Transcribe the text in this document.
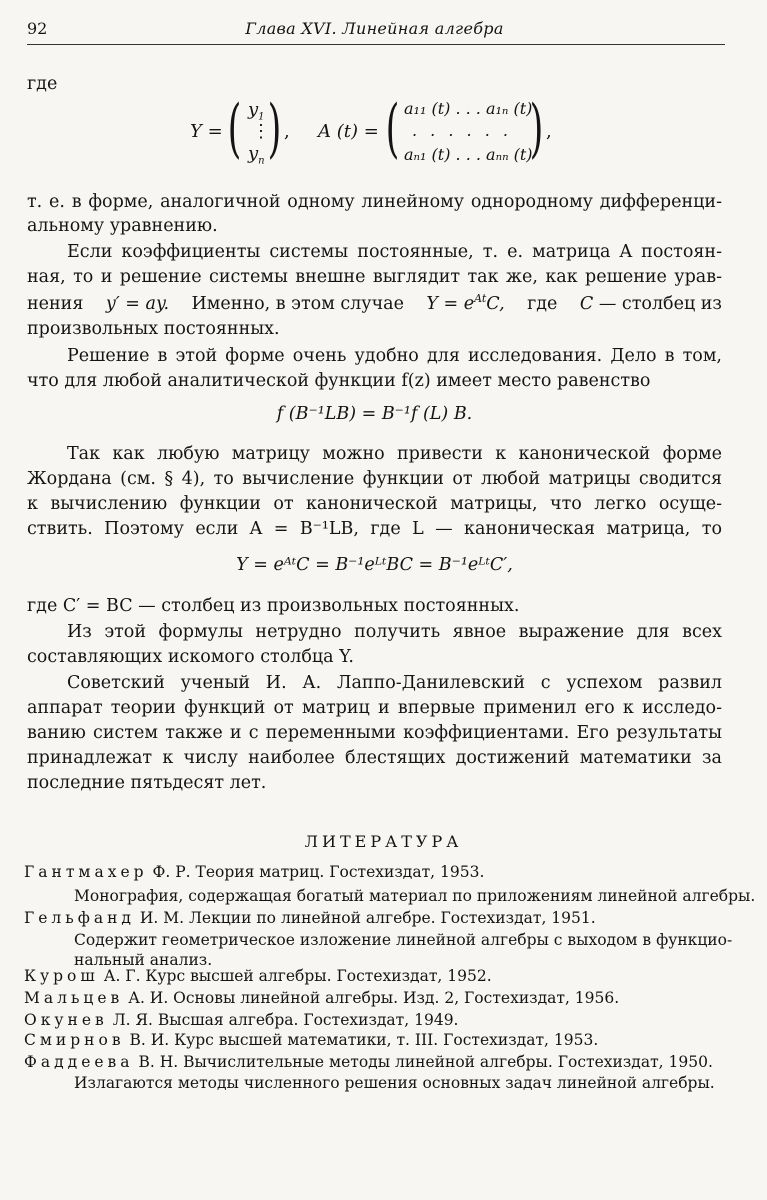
92	Глава XVI. Линейная алгебра
где
Y = ( $y_1$
⋮
$y_n$ ) , A (t) = ( a₁₁ (t) . . . a₁ₙ (t)
. . . . . .
aₙ₁ (t) . . . aₙₙ (t)
) ,
т. е. в форме, аналогичной одному линейному однородному дифференци-
альному уравнению.
Если коэффициенты системы постоянные, т. е. матрица A постоян-
ная, то и решение системы внешне выглядит так же, как решение урав-
нения y′ = ay. Именно, в этом случае $Y = e^{At}C$, где C — столбец из
произвольных постоянных.
Решение в этой форме очень удобно для исследования. Дело в том,
что для любой аналитической функции f(z) имеет место равенство
f (B⁻¹LB) = B⁻¹f (L) B.
Так как любую матрицу можно привести к канонической форме
Жордана (см. § 4), то вычисление функции от любой матрицы сводится
к вычислению функции от канонической матрицы, что легко осуще-
ствить. Поэтому если A = B⁻¹LB, где L — каноническая матрица, то
Y = eᴬᵗC = B⁻¹eᴸᵗBC = B⁻¹eᴸᵗC′,
где C′ = BC — столбец из произвольных постоянных.
Из этой формулы нетрудно получить явное выражение для всех
составляющих искомого столбца Y.
Советский ученый И. А. Лаппо-Данилевский с успехом развил
аппарат теории функций от матриц и впервые применил его к исследо-
ванию систем также и с переменными коэффициентами. Его результаты
принадлежат к числу наиболее блестящих достижений математики за
последние пятьдесят лет.
ЛИТЕРАТУРА
Гантмахер Ф. Р. Теория матриц. Гостехиздат, 1953.
Монография, содержащая богатый материал по приложениям линейной алгебры.
Гельфанд И. М. Лекции по линейной алгебре. Гостехиздат, 1951.
Содержит геометрическое изложение линейной алгебры с выходом в функцио-
нальный анализ.
Курош А. Г. Курс высшей алгебры. Гостехиздат, 1952.
Мальцев А. И. Основы линейной алгебры. Изд. 2, Гостехиздат, 1956.
Окунев Л. Я. Высшая алгебра. Гостехиздат, 1949.
Смирнов В. И. Курс высшей математики, т. III. Гостехиздат, 1953.
Фаддеева В. Н. Вычислительные методы линейной алгебры. Гостехиздат, 1950.
Излагаются методы численного решения основных задач линейной алгебры.
